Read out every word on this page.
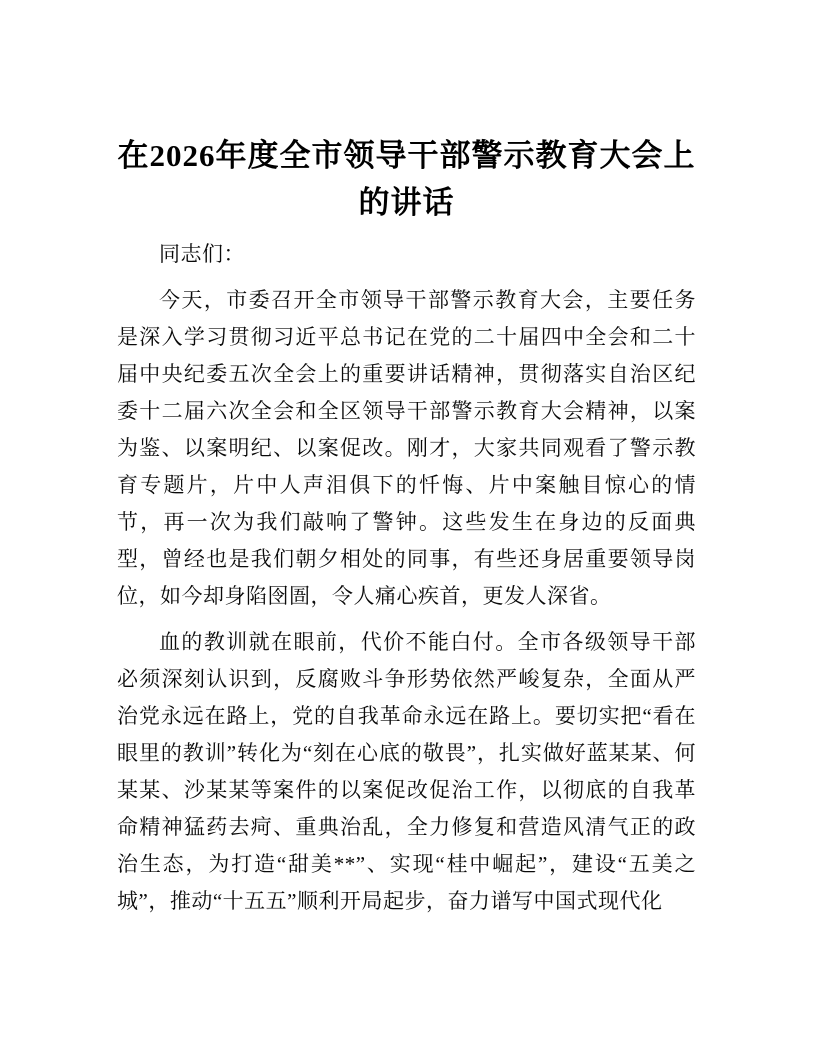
在2026年度全市领导干部警示教育大会上的讲话

同志们：

今天，市委召开全市领导干部警示教育大会，主要任务是深入学习贯彻习近平总书记在党的二十届四中全会和二十届中央纪委五次全会上的重要讲话精神，贯彻落实自治区纪委十二届六次全会和全区领导干部警示教育大会精神，以案为鉴、以案明纪、以案促改。刚才，大家共同观看了警示教育专题片，片中人声泪俱下的忏悔、片中案触目惊心的情节，再一次为我们敲响了警钟。这些发生在身边的反面典型，曾经也是我们朝夕相处的同事，有些还身居重要领导岗位，如今却身陷囹圄，令人痛心疾首，更发人深省。

血的教训就在眼前，代价不能白付。全市各级领导干部必须深刻认识到，反腐败斗争形势依然严峻复杂，全面从严治党永远在路上，党的自我革命永远在路上。要切实把“看在眼里的教训”转化为“刻在心底的敬畏”，扎实做好蓝某某、何某某、沙某某等案件的以案促改促治工作，以彻底的自我革命精神猛药去疴、重典治乱，全力修复和营造风清气正的政治生态，为打造“甜美**”、实现“桂中崛起”，建设“五美之城”，推动“十五五”顺利开局起步，奋力谱写中国式现代化
